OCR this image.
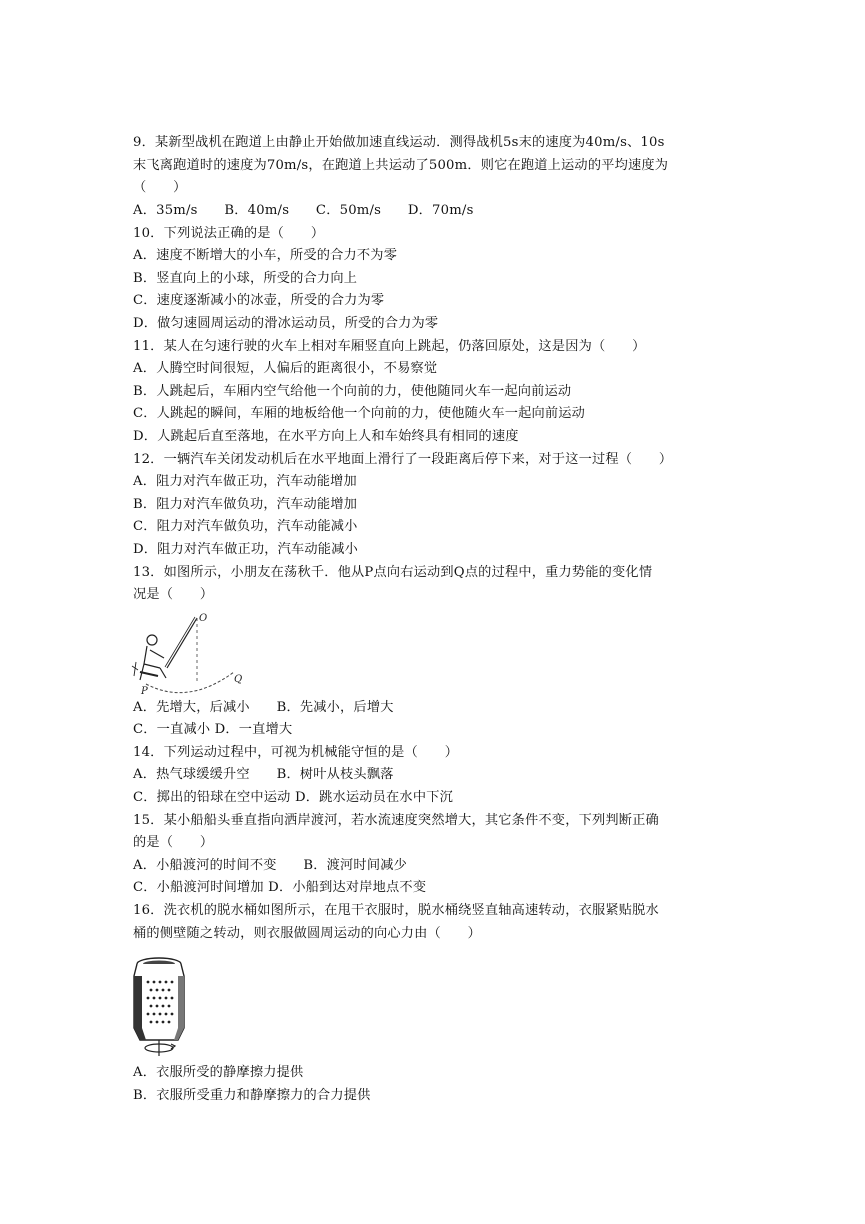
9．某新型战机在跑道上由静止开始做加速直线运动．测得战机5s末的速度为40m/s、10s
末飞离跑道时的速度为70m/s，在跑道上共运动了500m．则它在跑道上运动的平均速度为
（　　）
A．35m/s　　B．40m/s　　C．50m/s　　D．70m/s
10．下列说法正确的是（　　）
A．速度不断增大的小车，所受的合力不为零
B．竖直向上的小球，所受的合力向上
C．速度逐渐减小的冰壶，所受的合力为零
D．做匀速圆周运动的滑冰运动员，所受的合力为零
11．某人在匀速行驶的火车上相对车厢竖直向上跳起，仍落回原处，这是因为（　　）
A．人腾空时间很短，人偏后的距离很小，不易察觉
B．人跳起后，车厢内空气给他一个向前的力，使他随同火车一起向前运动
C．人跳起的瞬间，车厢的地板给他一个向前的力，使他随火车一起向前运动
D．人跳起后直至落地，在水平方向上人和车始终具有相同的速度
12．一辆汽车关闭发动机后在水平地面上滑行了一段距离后停下来，对于这一过程（　　）
A．阻力对汽车做正功，汽车动能增加
B．阻力对汽车做负功，汽车动能增加
C．阻力对汽车做负功，汽车动能减小
D．阻力对汽车做正功，汽车动能减小
13．如图所示，小朋友在荡秋千．他从P点向右运动到Q点的过程中，重力势能的变化情
况是（　　）
O
P
Q
A．先增大，后减小　　B．先减小，后增大
C．一直减小 D．一直增大
14．下列运动过程中，可视为机械能守恒的是（　　）
A．热气球缓缓升空　　B．树叶从枝头飘落
C．掷出的铅球在空中运动 D．跳水运动员在水中下沉
15．某小船船头垂直指向洒岸渡河，若水流速度突然增大，其它条件不变，下列判断正确
的是（　　）
A．小船渡河的时间不变　　B．渡河时间减少
C．小船渡河时间增加 D．小船到达对岸地点不变
16．洗衣机的脱水桶如图所示，在甩干衣服时，脱水桶绕竖直轴高速转动，衣服紧贴脱水
桶的侧壁随之转动，则衣服做圆周运动的向心力由（　　）
A．衣服所受的静摩擦力提供
B．衣服所受重力和静摩擦力的合力提供
